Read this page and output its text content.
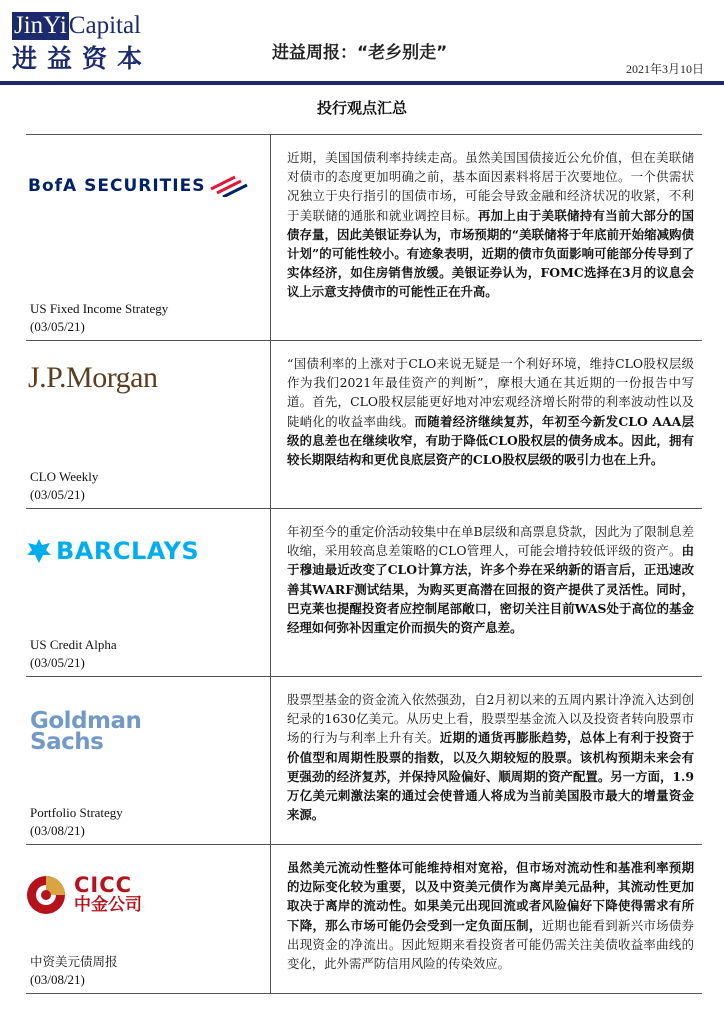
JinYiCapital
进益资本	进益周报：“老乡别走”
2021年3月10日
投行观点汇总
BofA SECURITIES
US Fixed Income Strategy
(03/05/21)
近期，美国国债利率持续走高。虽然美国国债接近公允价值，但在美联储对债市的态度更加明确之前，基本面因素料将居于次要地位。一个供需状况独立于央行指引的国债市场，可能会导致金融和经济状况的收紧，不利于美联储的通胀和就业调控目标。再加上由于美联储持有当前大部分的国债存量，因此美银证券认为，市场预期的“美联储将于年底前开始缩减购债计划”的可能性较小。有迹象表明，近期的债市负面影响可能部分传导到了实体经济，如住房销售放缓。美银证券认为，FOMC选择在3月的议息会议上示意支持债市的可能性正在升高。
J.P.Morgan
CLO Weekly
(03/05/21)
“国债利率的上涨对于CLO来说无疑是一个利好环境，维持CLO股权层级作为我们2021年最佳资产的判断”，摩根大通在其近期的一份报告中写道。首先，CLO股权层能更好地对冲宏观经济增长附带的利率波动性以及陡峭化的收益率曲线。而随着经济继续复苏，年初至今新发CLO AAA层级的息差也在继续收窄，有助于降低CLO股权层的债务成本。因此，拥有较长期限结构和更优良底层资产的CLO股权层级的吸引力也在上升。
BARCLAYS
US Credit Alpha
(03/05/21)
年初至今的重定价活动较集中在单B层级和高票息贷款，因此为了限制息差收缩，采用较高息差策略的CLO管理人，可能会增持较低评级的资产。由于穆迪最近改变了CLO计算方法，许多个券在采纳新的语言后，正迅速改善其WARF测试结果，为购买更高潜在回报的资产提供了灵活性。同时，巴克莱也提醒投资者应控制尾部敞口，密切关注目前WAS处于高位的基金经理如何弥补因重定价而损失的资产息差。
Goldman
Sachs
Portfolio Strategy
(03/08/21)
股票型基金的资金流入依然强劲，自2月初以来的五周内累计净流入达到创纪录的1630亿美元。从历史上看，股票型基金流入以及投资者转向股票市场的行为与利率上升有关。近期的通货再膨胀趋势，总体上有利于投资于价值型和周期性股票的指数，以及久期较短的股票。该机构预期未来会有更强劲的经济复苏，并保持风险偏好、顺周期的资产配置。另一方面，1.9万亿美元刺激法案的通过会使普通人将成为当前美国股市最大的增量资金来源。
CICC
中金公司
中资美元债周报
(03/08/21)
虽然美元流动性整体可能维持相对宽裕，但市场对流动性和基准利率预期的边际变化较为重要，以及中资美元债作为离岸美元品种，其流动性更加取决于离岸的流动性。如果美元出现回流或者风险偏好下降使得需求有所下降，那么市场可能仍会受到一定负面压制，近期也能看到新兴市场债券出现资金的净流出。因此短期来看投资者可能仍需关注美债收益率曲线的变化，此外需严防信用风险的传染效应。
